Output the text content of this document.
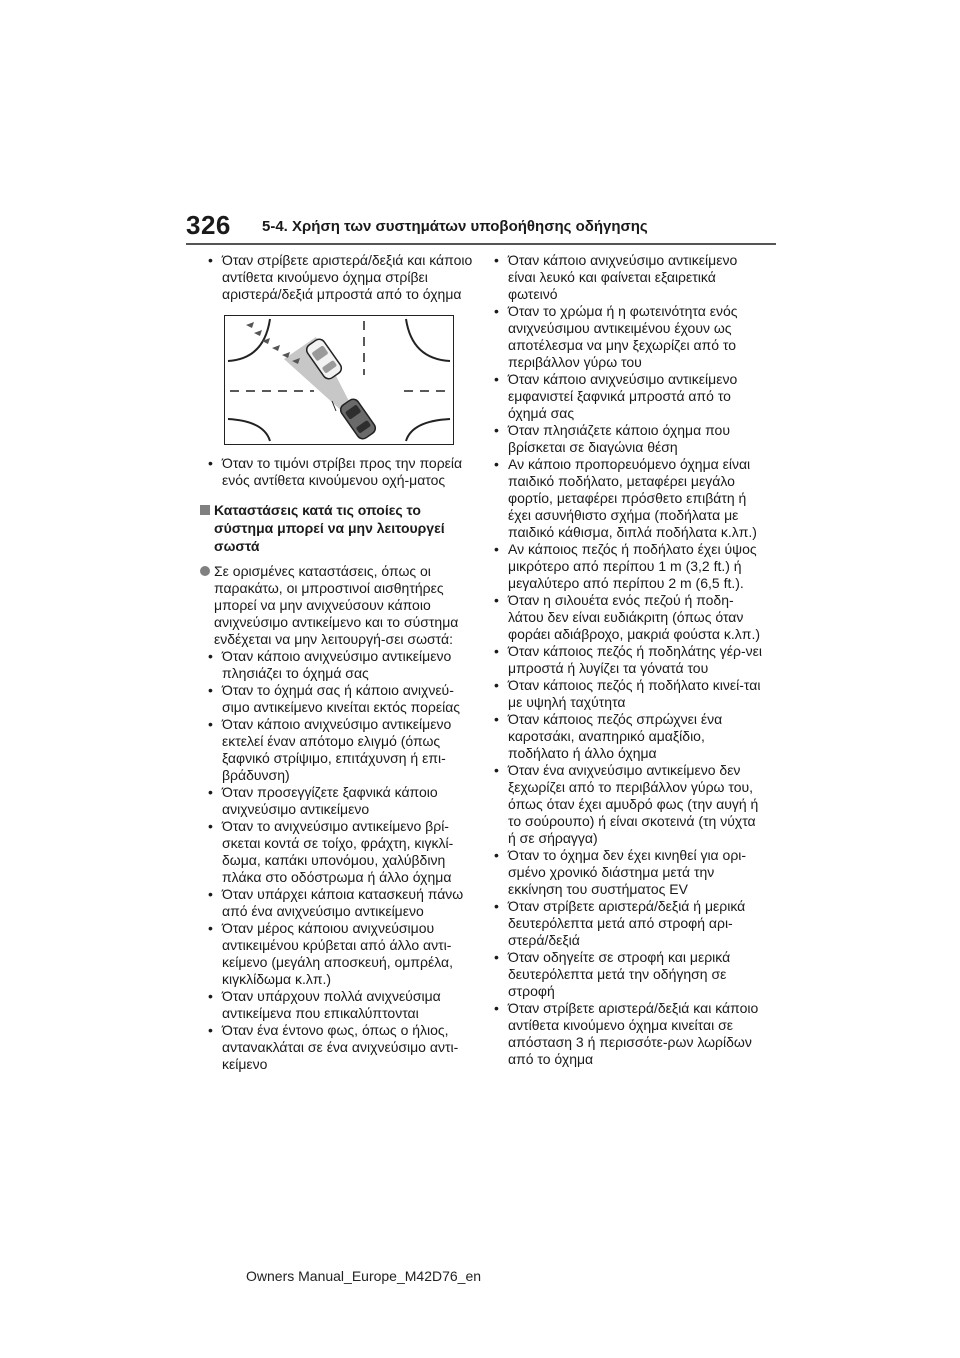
326 5-4. Χρήση των συστημάτων υποβοήθησης οδήγησης
• Όταν στρίβετε αριστερά/δεξιά και κάποιο αντίθετα κινούμενο όχημα στρίβει αριστερά/δεξιά μπροστά από το όχημα
• Όταν το τιμόνι στρίβει προς την πορεία ενός αντίθετα κινούμενου οχή-ματος
Καταστάσεις κατά τις οποίες το σύστημα μπορεί να μην λειτουργεί σωστά
Σε ορισμένες καταστάσεις, όπως οι παρακάτω, οι μπροστινοί αισθητήρες μπορεί να μην ανιχνεύσουν κάποιο ανιχνεύσιμο αντικείμενο και το σύστημα ενδέχεται να μην λειτουργή-σει σωστά:
• Όταν κάποιο ανιχνεύσιμο αντικείμενο πλησιάζει το όχημά σας
• Όταν το όχημά σας ή κάποιο ανιχνεύ-σιμο αντικείμενο κινείται εκτός πορείας
• Όταν κάποιο ανιχνεύσιμο αντικείμενο εκτελεί έναν απότομο ελιγμό (όπως ξαφνικό στρίψιμο, επιτάχυνση ή επι-βράδυνση)
• Όταν προσεγγίζετε ξαφνικά κάποιο ανιχνεύσιμο αντικείμενο
• Όταν το ανιχνεύσιμο αντικείμενο βρί-σκεται κοντά σε τοίχο, φράχτη, κιγκλί-δωμα, καπάκι υπονόμου, χαλύβδινη πλάκα στο οδόστρωμα ή άλλο όχημα
• Όταν υπάρχει κάποια κατασκευή πάνω από ένα ανιχνεύσιμο αντικείμενο
• Όταν μέρος κάποιου ανιχνεύσιμου αντικειμένου κρύβεται από άλλο αντι-κείμενο (μεγάλη αποσκευή, ομπρέλα, κιγκλίδωμα κ.λπ.)
• Όταν υπάρχουν πολλά ανιχνεύσιμα αντικείμενα που επικαλύπτονται
• Όταν ένα έντονο φως, όπως ο ήλιος, αντανακλάται σε ένα ανιχνεύσιμο αντι-κείμενο
• Όταν κάποιο ανιχνεύσιμο αντικείμενο είναι λευκό και φαίνεται εξαιρετικά φωτεινό
• Όταν το χρώμα ή η φωτεινότητα ενός ανιχνεύσιμου αντικειμένου έχουν ως αποτέλεσμα να μην ξεχωρίζει από το περιβάλλον γύρω του
• Όταν κάποιο ανιχνεύσιμο αντικείμενο εμφανιστεί ξαφνικά μπροστά από το όχημά σας
• Όταν πλησιάζετε κάποιο όχημα που βρίσκεται σε διαγώνια θέση
• Αν κάποιο προπορευόμενο όχημα είναι παιδικό ποδήλατο, μεταφέρει μεγάλο φορτίο, μεταφέρει πρόσθετο επιβάτη ή έχει ασυνήθιστο σχήμα (ποδήλατα με παιδικό κάθισμα, διπλά ποδήλατα κ.λπ.)
• Αν κάποιος πεζός ή ποδήλατο έχει ύψος μικρότερο από περίπου 1 m (3,2 ft.) ή μεγαλύτερο από περίπου 2 m (6,5 ft.).
• Όταν η σιλουέτα ενός πεζού ή ποδη-λάτου δεν είναι ευδιάκριτη (όπως όταν φοράει αδιάβροχο, μακριά φούστα κ.λπ.)
• Όταν κάποιος πεζός ή ποδηλάτης γέρ-νει μπροστά ή λυγίζει τα γόνατά του
• Όταν κάποιος πεζός ή ποδήλατο κινεί-ται με υψηλή ταχύτητα
• Όταν κάποιος πεζός σπρώχνει ένα καροτσάκι, αναπηρικό αμαξίδιο, ποδήλατο ή άλλο όχημα
• Όταν ένα ανιχνεύσιμο αντικείμενο δεν ξεχωρίζει από το περιβάλλον γύρω του, όπως όταν έχει αμυδρό φως (την αυγή ή το σούρουπο) ή είναι σκοτεινά (τη νύχτα ή σε σήραγγα)
• Όταν το όχημα δεν έχει κινηθεί για ορι-σμένο χρονικό διάστημα μετά την εκκίνηση του συστήματος EV
• Όταν στρίβετε αριστερά/δεξιά ή μερικά δευτερόλεπτα μετά από στροφή αρι-στερά/δεξιά
• Όταν οδηγείτε σε στροφή και μερικά δευτερόλεπτα μετά την οδήγηση σε στροφή
• Όταν στρίβετε αριστερά/δεξιά και κάποιο αντίθετα κινούμενο όχημα κινείται σε απόσταση 3 ή περισσότε-ρων λωρίδων από το όχημα
Owners Manual_Europe_M42D76_en
